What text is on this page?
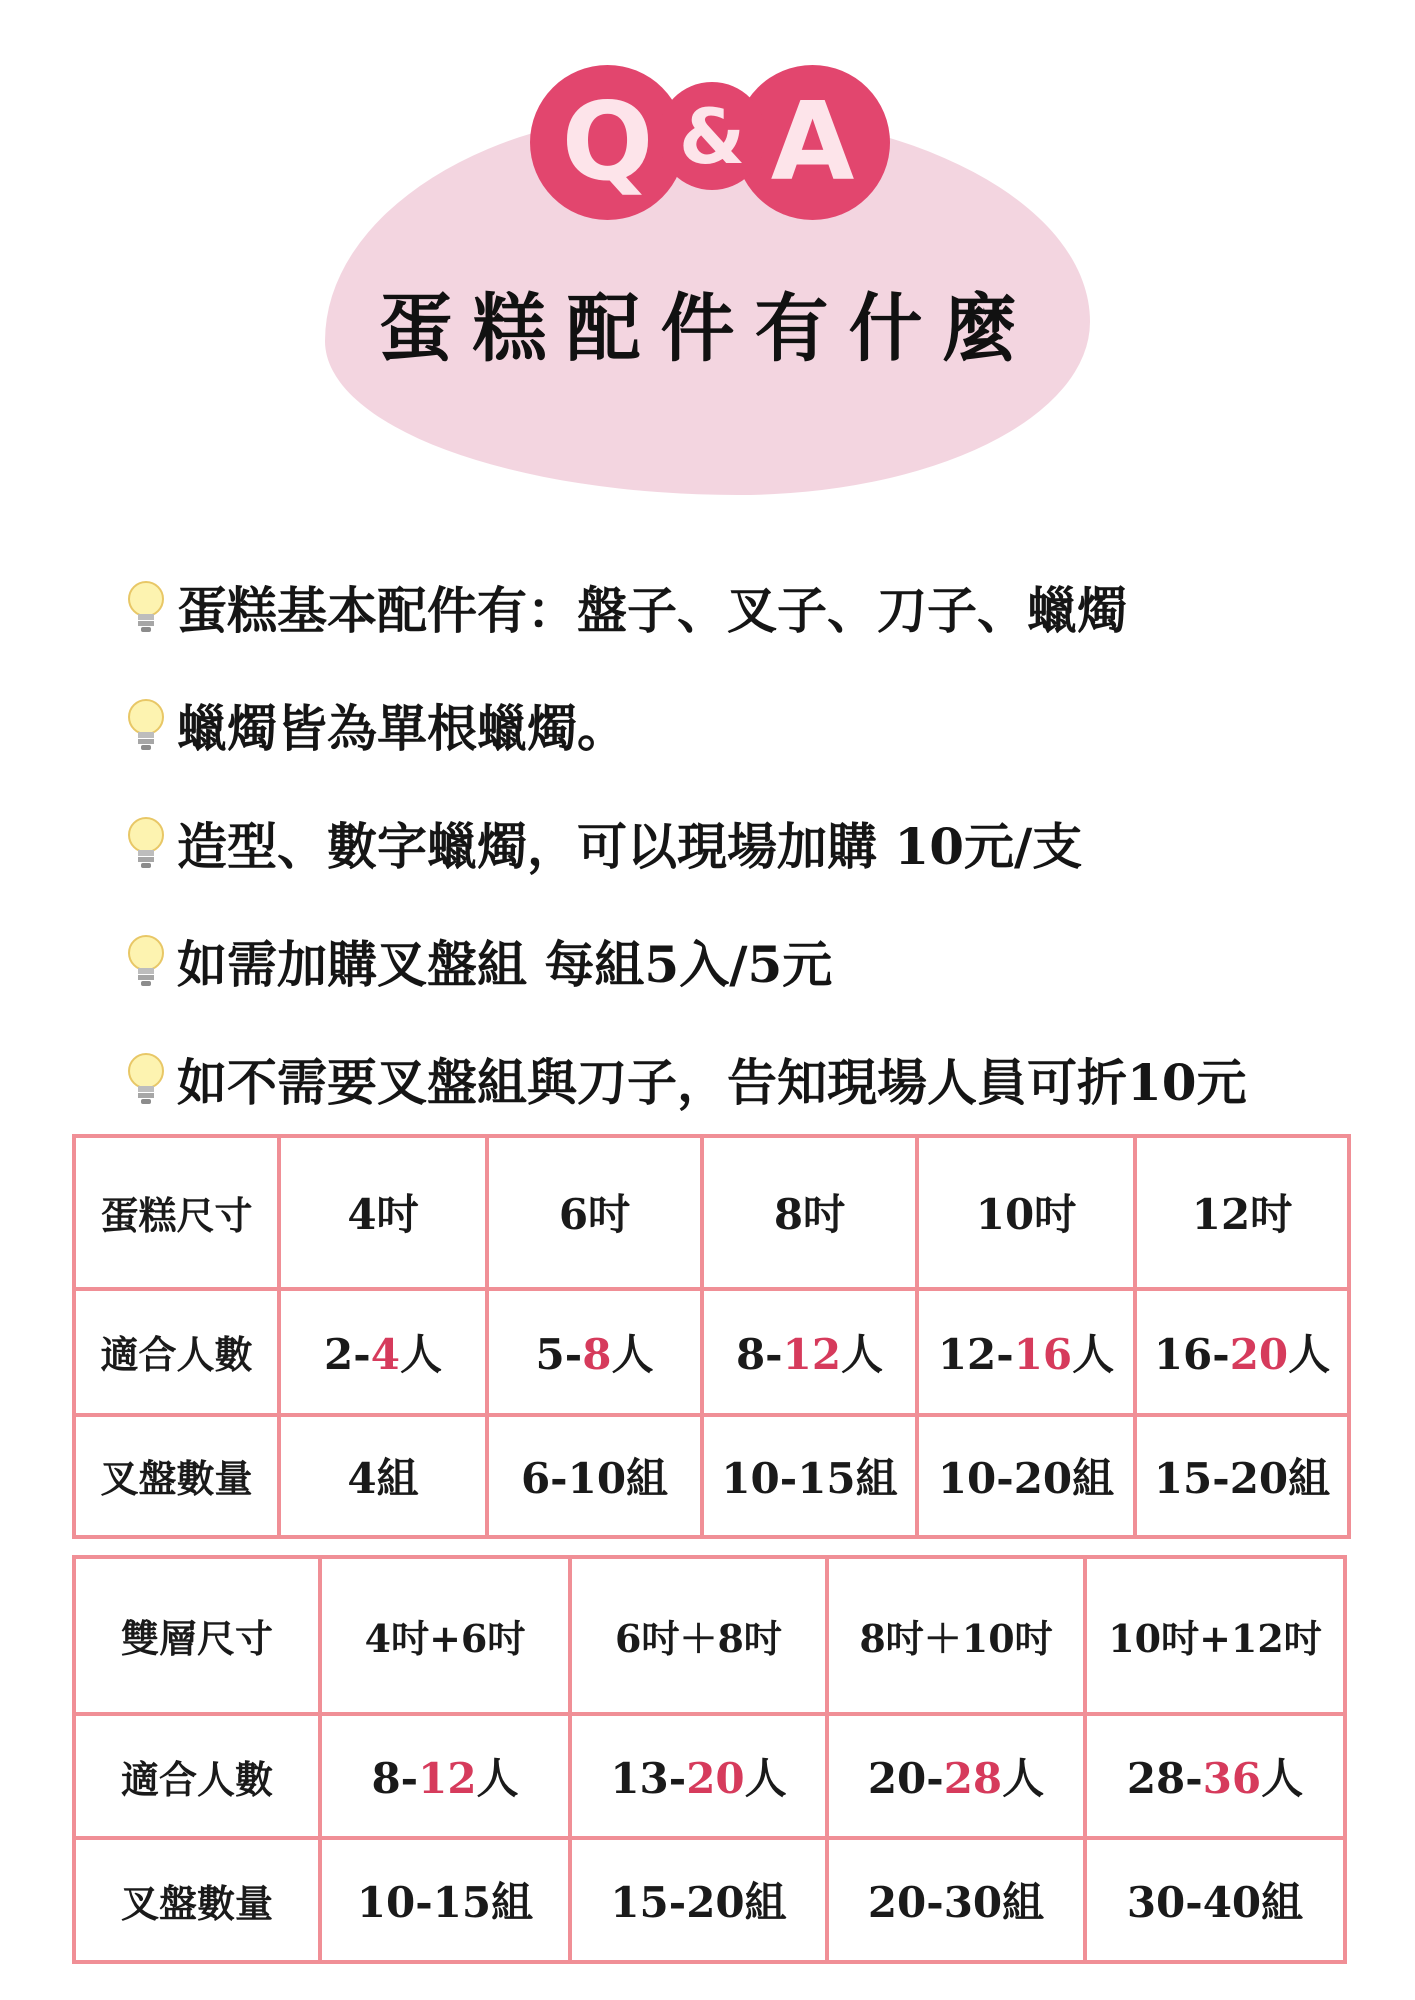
Q & A
蛋糕配件有什麼
蛋糕基本配件有：盤子、叉子、刀子、蠟燭
蠟燭皆為單根蠟燭。
造型、數字蠟燭，可以現場加購 10元/支
如需加購叉盤組 每組5入/5元
如不需要叉盤組與刀子，告知現場人員可折10元
蛋糕尺寸	4吋	6吋	8吋	10吋	12吋
適合人數	2-4人	5-8人	8-12人	12-16人	16-20人
叉盤數量	4組	6-10組	10-15組	10-20組	15-20組
雙層尺寸	4吋+6吋	6吋＋8吋	8吋＋10吋	10吋+12吋
適合人數	8-12人	13-20人	20-28人	28-36人
叉盤數量	10-15組	15-20組	20-30組	30-40組
